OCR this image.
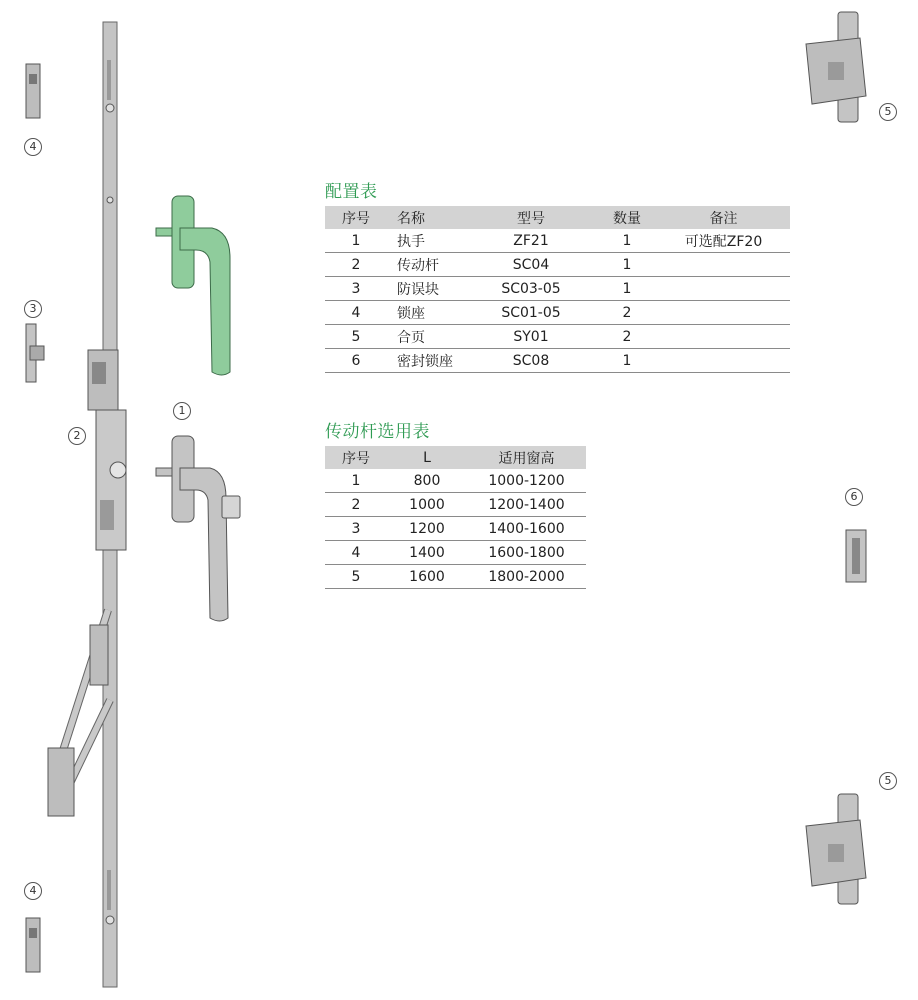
4
3
2
1
5
6
5
4
配置表
序号	名称	型号	数量	备注
1	执手	ZF21	1	可选配ZF20
2	传动杆	SC04	1	
3	防误块	SC03-05	1	
4	锁座	SC01-05	2	
5	合页	SY01	2	
6	密封锁座	SC08	1	
传动杆选用表
序号	L	适用窗高
1	800	1000-1200
2	1000	1200-1400
3	1200	1400-1600
4	1400	1600-1800
5	1600	1800-2000
